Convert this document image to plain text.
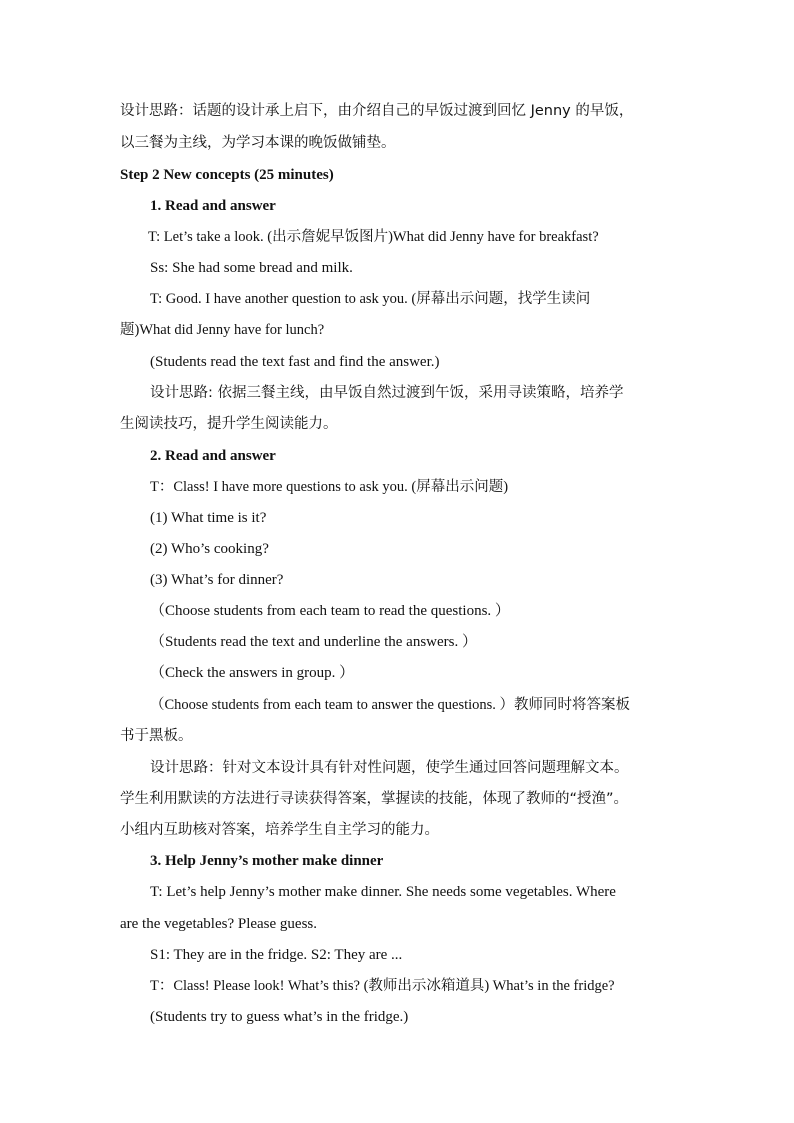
设计思路：话题的设计承上启下，由介绍自己的早饭过渡到回忆 Jenny 的早饭，
以三餐为主线，为学习本课的晚饭做铺垫。
Step 2 New concepts (25 minutes)
1. Read and answer
T: Let’s take a look. (出示詹妮早饭图片)What did Jenny have for breakfast?
Ss: She had some bread and milk.
T: Good. I have another question to ask you. (屏幕出示问题，找学生读问
题)What did Jenny have for lunch?
(Students read the text fast and find the answer.)
设计思路: 依据三餐主线，由早饭自然过渡到午饭，采用寻读策略，培养学
生阅读技巧，提升学生阅读能力。
2. Read and answer
T：Class! I have more questions to ask you. (屏幕出示问题)
(1) What time is it?
(2) Who’s cooking?
(3) What’s for dinner?
（Choose students from each team to read the questions. ）
（Students read the text and underline the answers. ）
（Check the answers in group. ）
（Choose students from each team to answer the questions. ）教师同时将答案板
书于黑板。
设计思路：针对文本设计具有针对性问题，使学生通过回答问题理解文本。
学生利用默读的方法进行寻读获得答案，掌握读的技能，体现了教师的“授渔”。
小组内互助核对答案，培养学生自主学习的能力。
3. Help Jenny’s mother make dinner
T: Let’s help Jenny’s mother make dinner. She needs some vegetables. Where
are the vegetables? Please guess.
S1: They are in the fridge. S2: They are ...
T：Class! Please look! What’s this? (教师出示冰箱道具) What’s in the fridge?
(Students try to guess what’s in the fridge.)
